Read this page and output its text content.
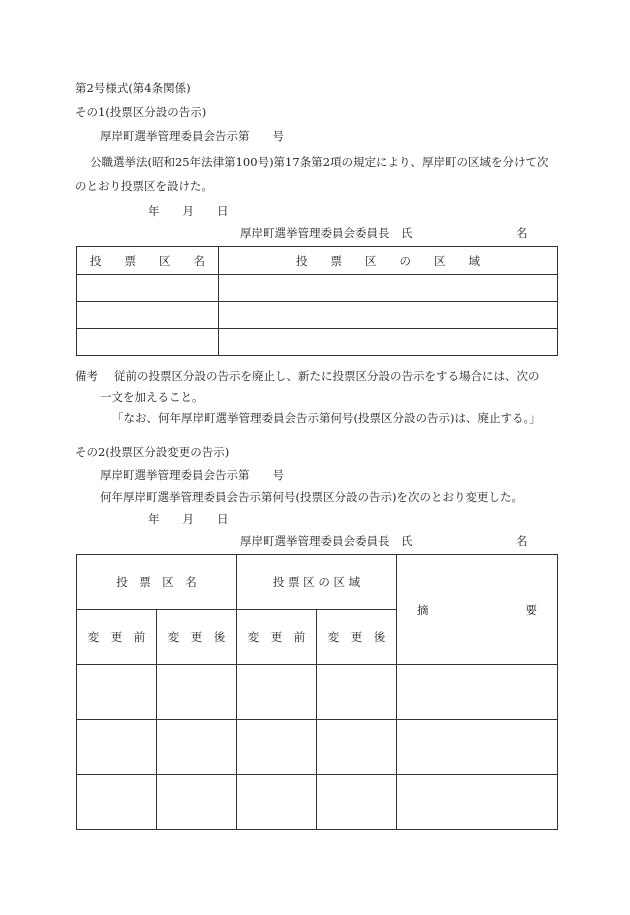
第2号様式(第4条関係)
その1(投票区分設の告示)
厚岸町選挙管理委員会告示第　　号
公職選挙法(昭和25年法律第100号)第17条第2項の規定により、厚岸町の区域を分けて次
のとおり投票区を設けた。
年　　月　　日
厚岸町選挙管理委員会委員長　氏　　　　　　　　　名
投　　票　　区　　名	投　　票　　区　　の　　区　　域

備考 従前の投票区分設の告示を廃止し、新たに投票区分設の告示をする場合には、次の
一文を加えること。
「なお、何年厚岸町選挙管理委員会告示第何号(投票区分設の告示)は、廃止する。」
その2(投票区分設変更の告示)
厚岸町選挙管理委員会告示第　　号
何年厚岸町選挙管理委員会告示第何号(投票区分設の告示)を次のとおり変更した。
年　　月　　日
厚岸町選挙管理委員会委員長　氏　　　　　　　　　名
投　票　区　名		投 票 区 の 区 域		摘 要

変　更　前	変　更　後	変　更　前	変　更　後	
